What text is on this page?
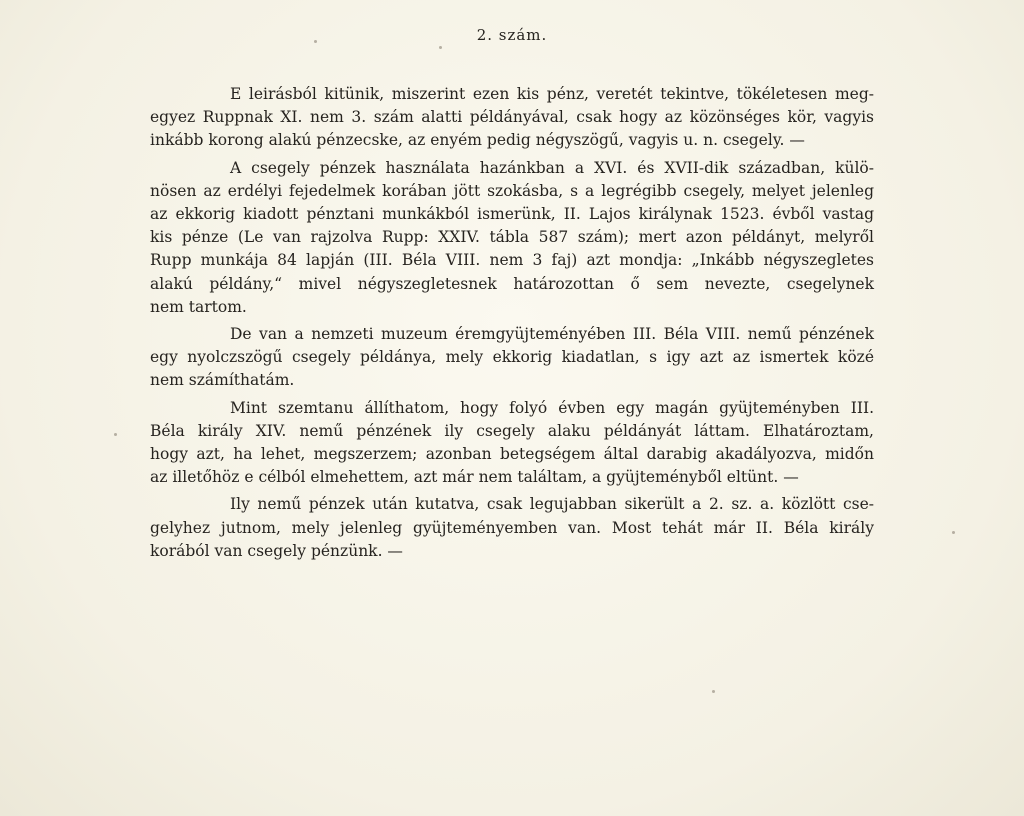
2. szám.
E leirásból kitünik, miszerint ezen kis pénz, veretét tekintve, tökéletesen meg-
egyez Ruppnak XI. nem 3. szám alatti példányával, csak hogy az közönséges kör, vagyis
inkább korong alakú pénzecske, az enyém pedig négyszögű, vagyis u. n. csegely. —
A csegely pénzek használata hazánkban a XVI. és XVII-dik században, külö-
nösen az erdélyi fejedelmek korában jött szokásba, s a legrégibb csegely, melyet jelenleg
az ekkorig kiadott pénztani munkákból ismerünk, II. Lajos királynak 1523. évből vastag
kis pénze (Le van rajzolva Rupp: XXIV. tábla 587 szám); mert azon példányt, melyről
Rupp munkája 84 lapján (III. Béla VIII. nem 3 faj) azt mondja: „Inkább négyszegletes
alakú példány,“ mivel négyszegletesnek határozottan ő sem nevezte, csegelynek
nem tartom.
De van a nemzeti muzeum éremgyüjteményében III. Béla VIII. nemű pénzének
egy nyolczszögű csegely példánya, mely ekkorig kiadatlan, s igy azt az ismertek közé
nem számíthatám.
Mint szemtanu állíthatom, hogy folyó évben egy magán gyüjteményben III.
Béla király XIV. nemű pénzének ily csegely alaku példányát láttam. Elhatároztam,
hogy azt, ha lehet, megszerzem; azonban betegségem által darabig akadályozva, midőn
az illetőhöz e célból elmehettem, azt már nem találtam, a gyüjteményből eltünt. —
Ily nemű pénzek után kutatva, csak legujabban sikerült a 2. sz. a. közlött cse-
gelyhez jutnom, mely jelenleg gyüjteményemben van. Most tehát már II. Béla király
korából van csegely pénzünk. —
